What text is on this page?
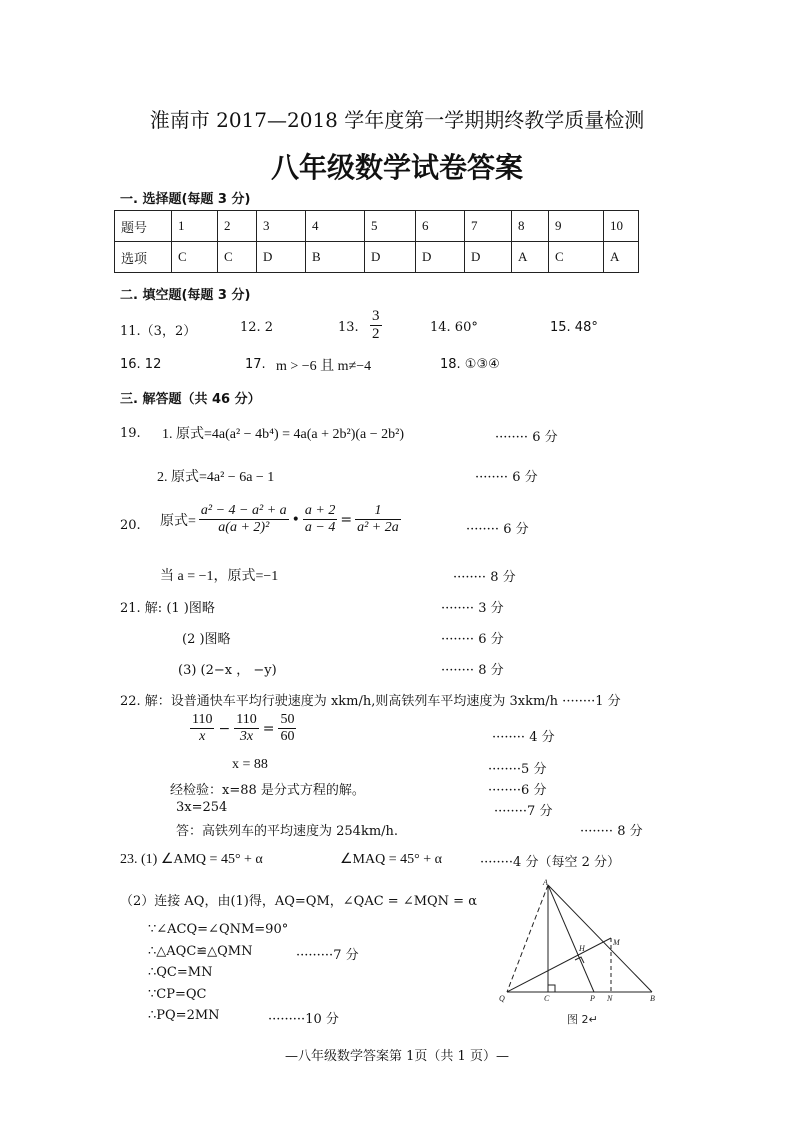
淮南市 2017—2018 学年度第一学期期终教学质量检测
八年级数学试卷答案
一. 选择题(每题 3 分)
题号	1	2	3	4	5	6	7	8	9	10
选项	C	C	D	B	D	D	D	A	C	A
二. 填空题(每题 3 分)
11.（3，2）	12. 2	13. $\frac{3}{2}$	14. 60°	15. 48°
16. 12	17. m > −6 且 m≠−4	18. ①③④
三. 解答题（共 46 分）
19. 1. 原式=4a(a² − 4b⁴) = 4a(a + 2b²)(a − 2b²)	········ 6 分
2. 原式=4a² − 6a − 1	········ 6 分
20. 原式= $\frac{\text{a² − 4 − a² + a}}{\text{a(a + 2)²}}$ • $\frac{a + 2}{a - 4} = \frac{1}{\text{a² + 2a}}$	········ 6 分
当 a = −1，原式=−1	········ 8 分
21. 解: (1 )图略	········ 3 分
(2 )图略	········ 6 分
(3) (2−x ， −y)	········ 8 分
22. 解：设普通快车平均行驶速度为 xkm/h,则高铁列车平均速度为 3xkm/h ········1 分
$\frac{110}{x} - \frac{110}{3x} = \frac{50}{60}$	········ 4 分
x = 88	········5 分
经检验：x=88 是分式方程的解。	········6 分
3x=254	········7 分
答：高铁列车的平均速度为 254km/h.	········ 8 分
23. (1) ∠AMQ = 45° + α	∠MAQ = 45° + α	········4 分（每空 2 分）
（2）连接 AQ，由(1)得，AQ=QM，∠QAC = ∠MQN = α
∵∠ACQ=∠QNM=90°
∴△AQC≌△QMN	·········7 分
∴QC=MN
∵CP=QC
∴PQ=2MN	·········10 分
A
H
M
Q	C	P N	B
图 2↵
—八年级数学答案第 1页（共 1 页）—
